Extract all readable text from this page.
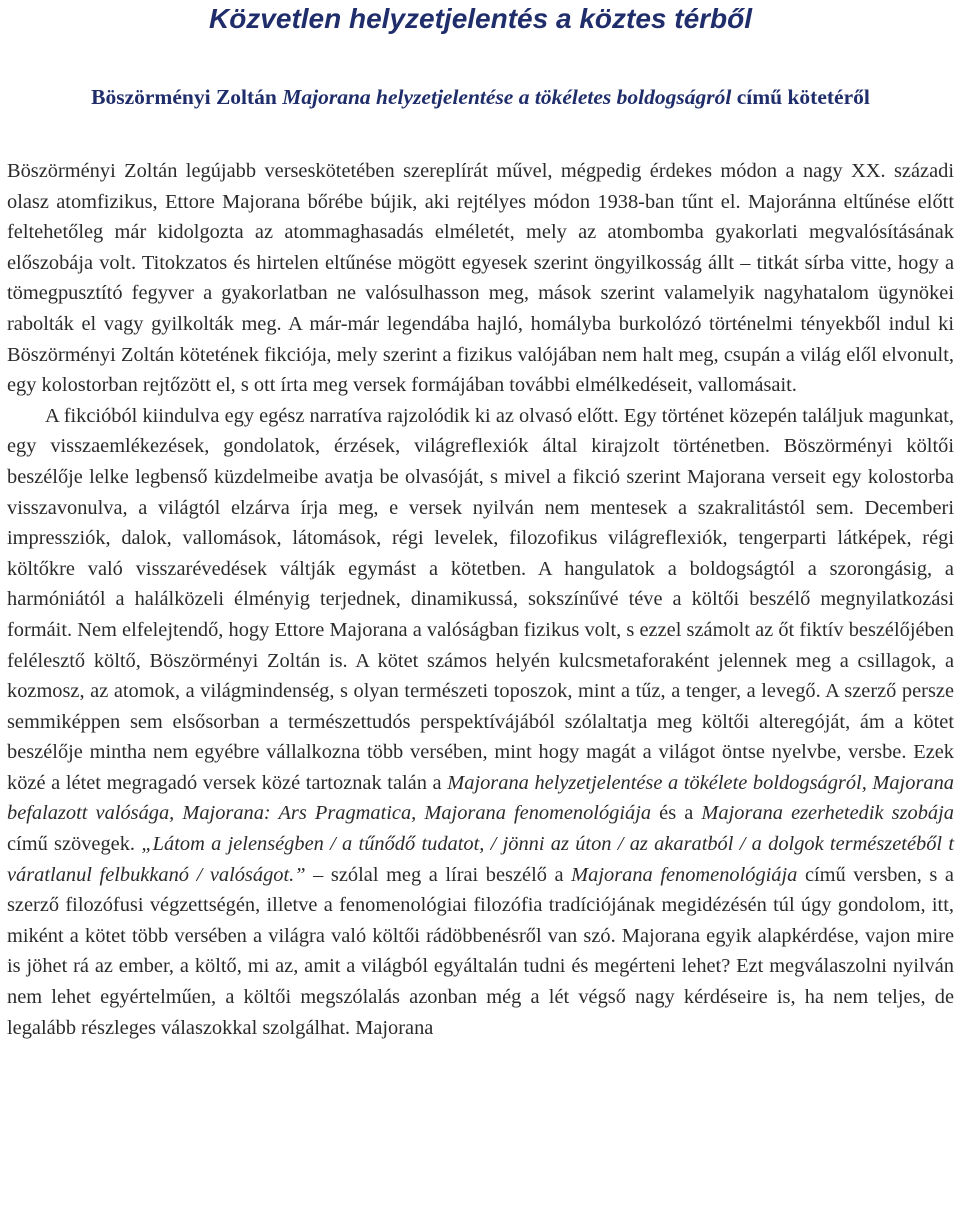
Közvetlen helyzetjelentés a köztes térből
Böszörményi Zoltán Majorana helyzetjelentése a tökéletes boldogságról című kötetéről

Böszörményi Zoltán legújabb verseskötetében szereplírát művel, mégpedig érdekes módon a nagy XX. századi olasz atomfizikus, Ettore Majorana bőrébe bújik, aki rejtélyes módon 1938-ban tűnt el. Majoránna eltűnése előtt feltehetőleg már kidolgozta az atommaghasadás elméletét, mely az atombomba gyakorlati megvalósításának előszobája volt. Titokzatos és hirtelen eltűnése mögött egyesek szerint öngyilkosság állt – titkát sírba vitte, hogy a tömegpusztító fegyver a gyakorlatban ne valósulhasson meg, mások szerint valamelyik nagyhatalom ügynökei rabolták el vagy gyilkolták meg. A már-már legendába hajló, homályba burkolózó történelmi tényekből indul ki Böszörményi Zoltán kötetének fikciója, mely szerint a fizikus valójában nem halt meg, csupán a világ elől elvonult, egy kolostorban rejtőzött el, s ott írta meg versek formájában további elmélkedéseit, vallomásait.

A fikcióból kiindulva egy egész narratíva rajzolódik ki az olvasó előtt. Egy történet közepén találjuk magunkat, egy visszaemlékezések, gondolatok, érzések, világreflexiók által kirajzolt történetben. Böszörményi költői beszélője lelke legbenső küzdelmeibe avatja be olvasóját, s mivel a fikció szerint Majorana verseit egy kolostorba visszavonulva, a világtól elzárva írja meg, e versek nyilván nem mentesek a szakralitástól sem. Decemberi impressziók, dalok, vallomások, látomások, régi levelek, filozofikus világreflexiók, tengerparti látképek, régi költőkre való visszarévedések váltják egymást a kötetben. A hangulatok a boldogságtól a szorongásig, a harmóniától a halálközeli élményig terjednek, dinamikussá, sokszínűvé téve a költői beszélő megnyilatkozási formáit. Nem elfelejtendő, hogy Ettore Majorana a valóságban fizikus volt, s ezzel számolt az őt fiktív beszélőjében felélesztő költő, Böszörményi Zoltán is. A kötet számos helyén kulcsmetaforaként jelennek meg a csillagok, a kozmosz, az atomok, a világmindenség, s olyan természeti toposzok, mint a tűz, a tenger, a levegő. A szerző persze semmiképpen sem elsősorban a természettudós perspektívájából szólaltatja meg költői alteregóját, ám a kötet beszélője mintha nem egyébre vállalkozna több versében, mint hogy magát a világot öntse nyelvbe, versbe. Ezek közé a létet megragadó versek közé tartoznak talán a Majorana helyzetjelentése a tökélete boldogságról, Majorana befalazott valósága, Majorana: Ars Pragmatica, Majorana fenomenológiája és a Majorana ezerhetedik szobája című szövegek. „Látom a jelenségben / a tűnődő tudatot, / jönni az úton / az akaratból / a dolgok természetéből t váratlanul felbukkanó / valóságot.” – szólal meg a lírai beszélő a Majorana fenomenológiája című versben, s a szerző filozófusi végzettségén, illetve a fenomenológiai filozófia tradíciójának megidézésén túl úgy gondolom, itt, miként a kötet több versében a világra való költői rádöbbenésről van szó. Majorana egyik alapkérdése, vajon mire is jöhet rá az ember, a költő, mi az, amit a világból egyáltalán tudni és megérteni lehet? Ezt megválaszolni nyilván nem lehet egyértelműen, a költői megszólalás azonban még a lét végső nagy kérdéseire is, ha nem teljes, de legalább részleges válaszokkal szolgálhat. Majorana
